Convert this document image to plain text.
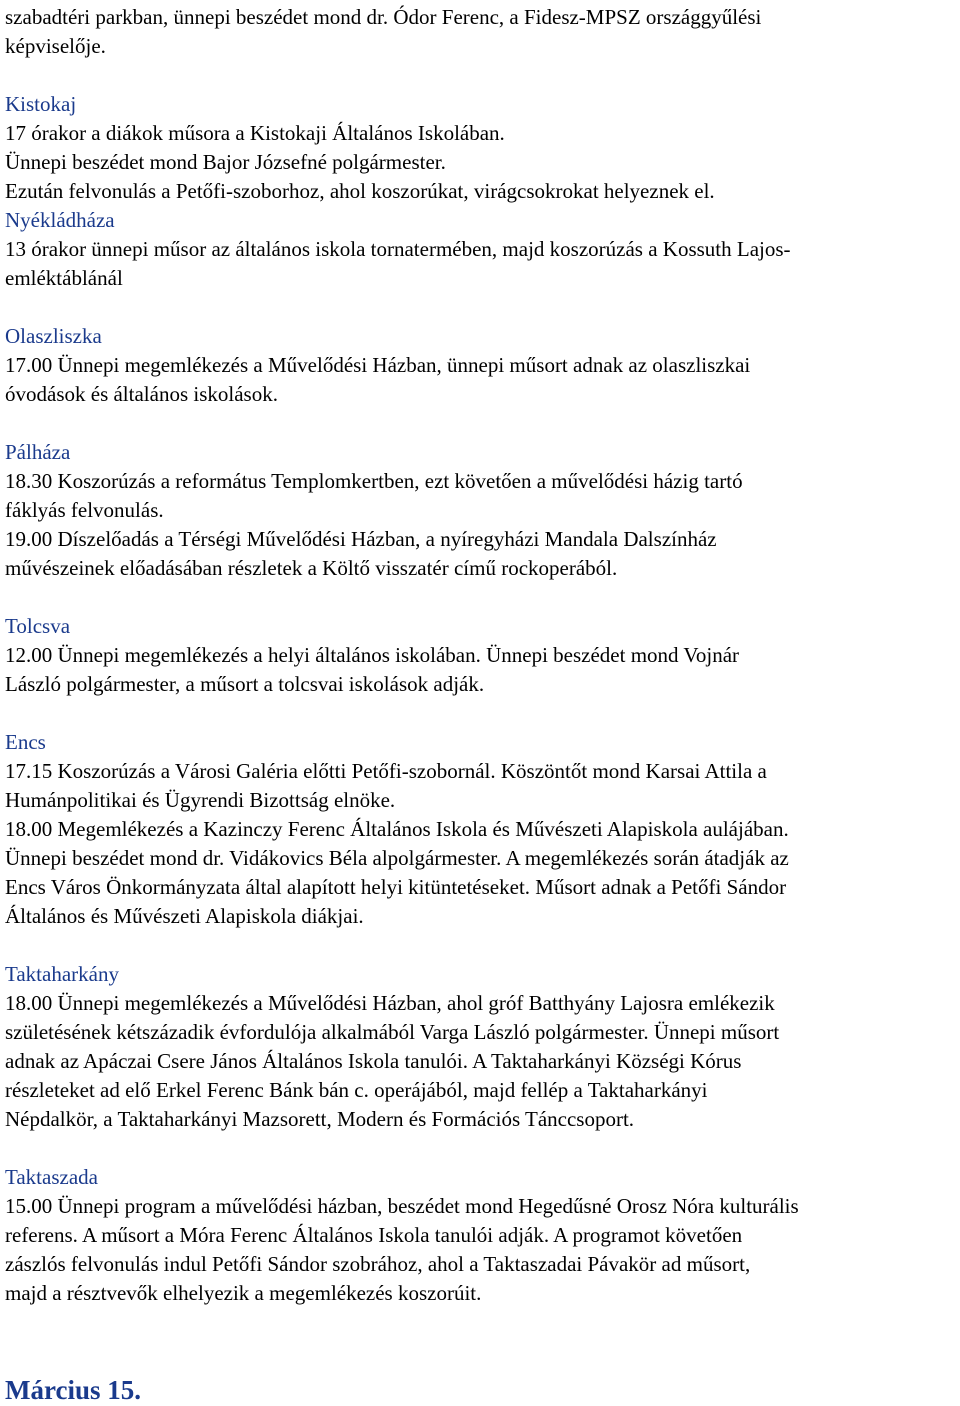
szabadtéri parkban, ünnepi beszédet mond dr. Ódor Ferenc, a Fidesz-MPSZ országgyűlési
képviselője.
Kistokaj
17 órakor a diákok műsora a Kistokaji Általános Iskolában.
Ünnepi beszédet mond Bajor Józsefné polgármester.
Ezután felvonulás a Petőfi-szoborhoz, ahol koszorúkat, virágcsokrokat helyeznek el.
Nyékládháza
13 órakor ünnepi műsor az általános iskola tornatermében, majd koszorúzás a Kossuth Lajos-
emléktáblánál
Olaszliszka
17.00 Ünnepi megemlékezés a Művelődési Házban, ünnepi műsort adnak az olaszliszkai
óvodások és általános iskolások.
Pálháza
18.30 Koszorúzás a református Templomkertben, ezt követően a művelődési házig tartó
fáklyás felvonulás.
19.00 Díszelőadás a Térségi Művelődési Házban, a nyíregyházi Mandala Dalszínház
művészeinek előadásában részletek a Költő visszatér című rockoperából.
Tolcsva
12.00 Ünnepi megemlékezés a helyi általános iskolában. Ünnepi beszédet mond Vojnár
László polgármester, a műsort a tolcsvai iskolások adják.
Encs
17.15 Koszorúzás a Városi Galéria előtti Petőfi-szobornál. Köszöntőt mond Karsai Attila a
Humánpolitikai és Ügyrendi Bizottság elnöke.
18.00 Megemlékezés a Kazinczy Ferenc Általános Iskola és Művészeti Alapiskola aulájában.
Ünnepi beszédet mond dr. Vidákovics Béla alpolgármester. A megemlékezés során átadják az
Encs Város Önkormányzata által alapított helyi kitüntetéseket. Műsort adnak a Petőfi Sándor
Általános és Művészeti Alapiskola diákjai.
Taktaharkány
18.00 Ünnepi megemlékezés a Művelődési Házban, ahol gróf Batthyány Lajosra emlékezik
születésének kétszázadik évfordulója alkalmából Varga László polgármester. Ünnepi műsort
adnak az Apáczai Csere János Általános Iskola tanulói. A Taktaharkányi Községi Kórus
részleteket ad elő Erkel Ferenc Bánk bán c. operájából, majd fellép a Taktaharkányi
Népdalkör, a Taktaharkányi Mazsorett, Modern és Formációs Tánccsoport.
Taktaszada
15.00 Ünnepi program a művelődési házban, beszédet mond Hegedűsné Orosz Nóra kulturális
referens. A műsort a Móra Ferenc Általános Iskola tanulói adják. A programot követően
zászlós felvonulás indul Petőfi Sándor szobrához, ahol a Taktaszadai Pávakör ad műsort,
majd a résztvevők elhelyezik a megemlékezés koszorúit.
Március 15.
